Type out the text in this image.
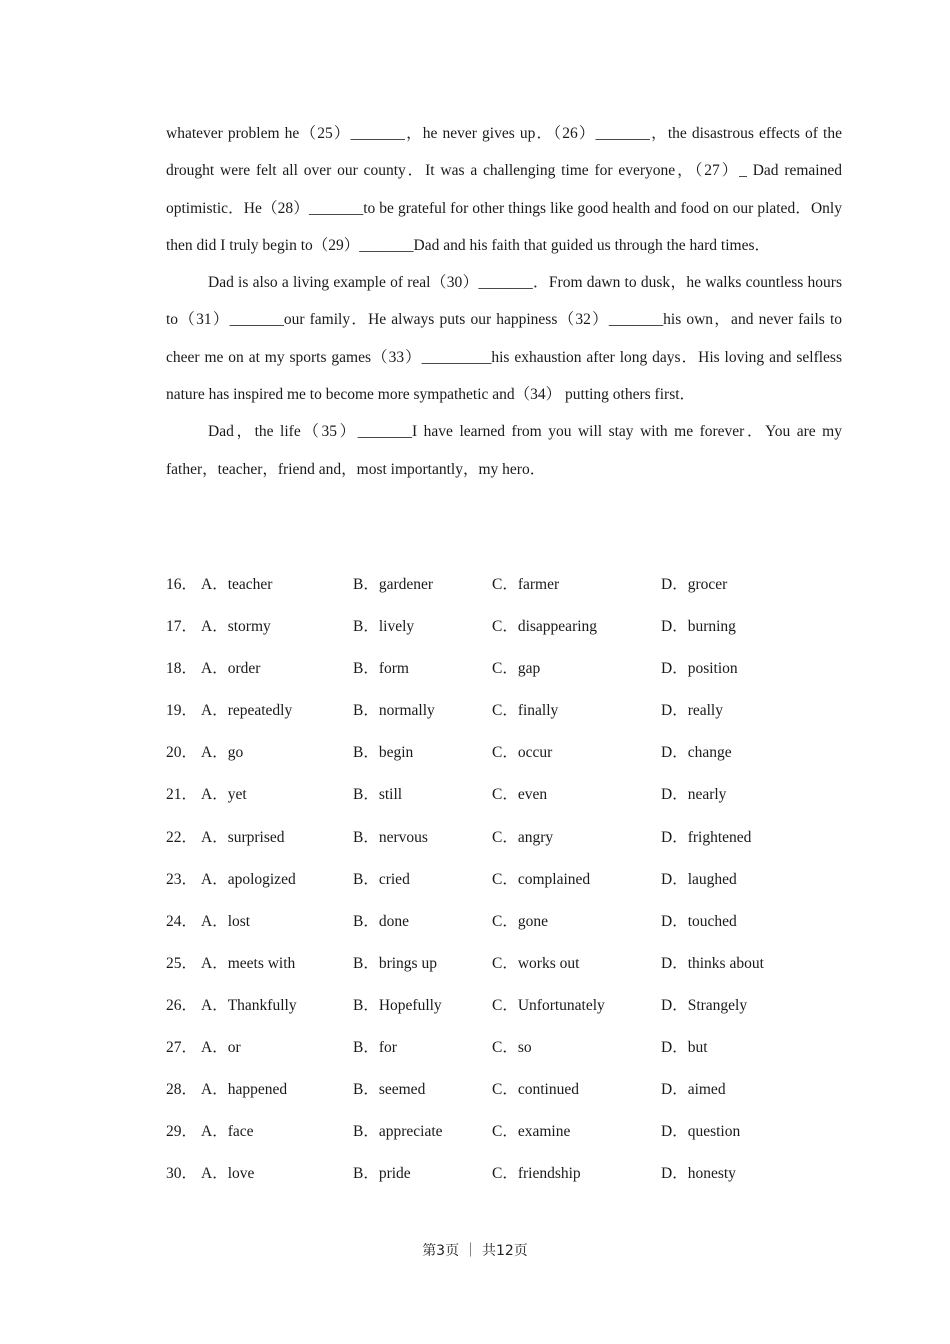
whatever problem he（25）_______，he never gives up．（26）_______，the disastrous effects of the drought were felt all over our county．It was a challenging time for everyone，（27）_ Dad remained optimistic．He（28）_______to be grateful for other things like good health and food on our plated．Only then did I truly begin to（29）_______Dad and his faith that guided us through the hard times．

Dad is also a living example of real（30）_______．From dawn to dusk，he walks countless hours to（31）_______our family．He always puts our happiness（32）_______his own，and never fails to cheer me on at my sports games（33）_________his exhaustion after long days．His loving and selfless nature has inspired me to become more sympathetic and（34） putting others first．

Dad，the life（35）_______I have learned from you will stay with me forever．You are my father，teacher，friend and，most importantly，my hero．

16． A．teacher	B．gardener	C．farmer	D．grocer
17． A．stormy	B．lively	C．disappearing	D．burning
18． A．order	B．form	C．gap	D．position
19． A．repeatedly	B．normally	C．finally	D．really
20． A．go	B．begin	C．occur	D．change
21． A．yet	B．still	C．even	D．nearly
22． A．surprised	B．nervous	C．angry	D．frightened
23． A．apologized	B．cried	C．complained	D．laughed
24． A．lost	B．done	C．gone	D．touched
25． A．meets with	B．brings up	C．works out	D．thinks about
26． A．Thankfully	B．Hopefully	C．Unfortunately	D．Strangely
27． A．or	B．for	C．so	D．but
28． A．happened	B．seemed	C．continued	D．aimed
29． A．face	B．appreciate	C．examine	D．question
30． A．love	B．pride	C．friendship	D．honesty
第3页 ｜ 共12页
